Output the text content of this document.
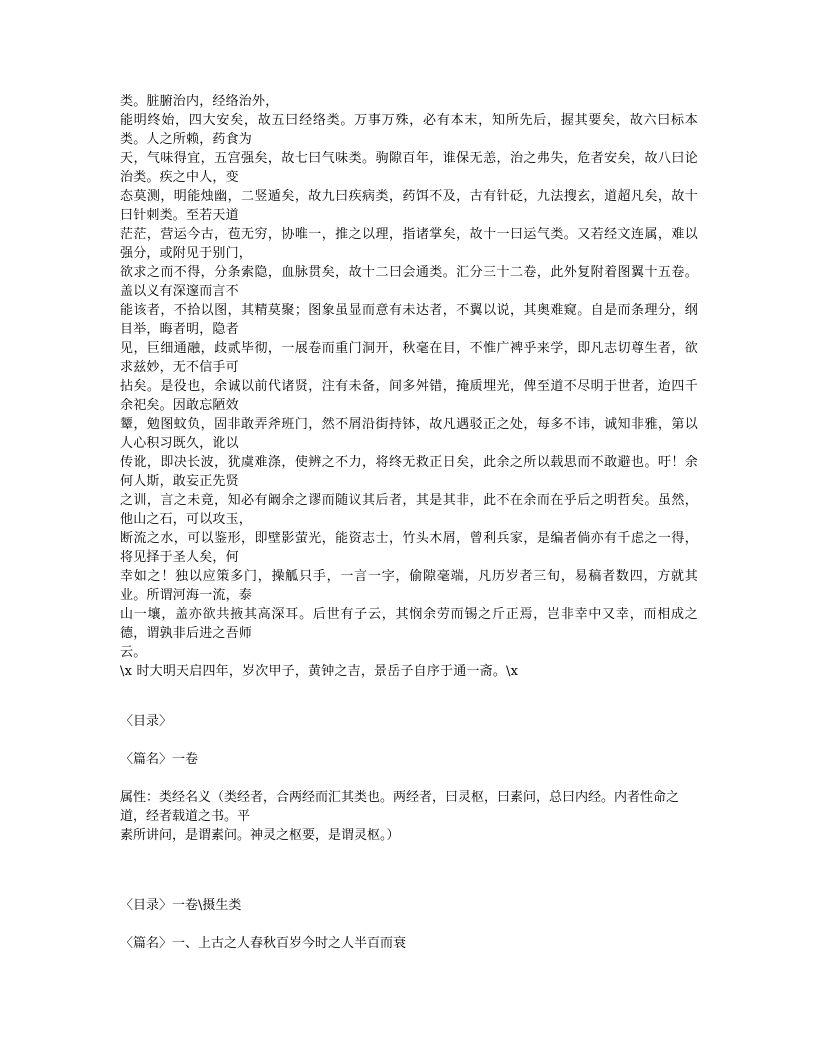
类。脏腑治内，经络治外，

能明终始，四大安矣，故五曰经络类。万事万殊，必有本末，知所先后，握其要矣，故六曰标本类。人之所赖，药食为

天，气味得宜，五宫强矣，故七曰气味类。驹隙百年，谁保无恙，治之弗失，危者安矣，故八曰论治类。疾之中人，变

态莫测，明能烛幽，二竖遁矣，故九曰疾病类，药饵不及，古有针砭，九法搜玄，道超凡矣，故十曰针刺类。至若天道

茫茫，营运今古，苞无穷，协唯一，推之以理，指诸掌矣，故十一曰运气类。又若经文连属，难以强分，或附见于别门，

欲求之而不得，分条索隐，血脉贯矣，故十二曰会通类。汇分三十二卷，此外复附着图翼十五卷。盖以义有深邃而言不

能该者，不拾以图，其精莫聚；图象虽显而意有未达者，不翼以说，其奥难窥。自是而条理分，纲目举，晦者明，隐者

见，巨细通融，歧贰毕彻，一展卷而重门洞开，秋毫在目，不惟广裨乎来学，即凡志切尊生者，欲求兹妙，无不信手可

拈矣。是役也，余诚以前代诸贤，注有未备，间多舛错，掩质埋光，俾至道不尽明于世者，迨四千余祀矣。因敢忘陋效

颦，勉图蚊负，固非敢弄斧班门，然不屑沿街持钵，故凡遇驳正之处，每多不讳，诚知非雅，第以人心积习既久，讹以

传讹，即决长波，犹虞难涤，使辨之不力，将终无救正日矣，此余之所以载思而不敢避也。吁！余何人斯，敢妄正先贤

之训，言之未竟，知必有阚余之谬而随议其后者，其是其非，此不在余而在乎后之明哲矣。虽然，他山之石，可以攻玉，

断流之水，可以鉴形，即壁影萤光，能资志士，竹头木屑，曾利兵家，是编者倘亦有千虑之一得，将见择于圣人矣，何

幸如之！独以应策多门，操觚只手，一言一字，偷隙毫端，凡历岁者三旬，易稿者数四，方就其业。所谓河海一流，泰

山一壤，盖亦欲共掖其高深耳。后世有子云，其悯余劳而锡之斤正焉，岂非幸中又幸，而相成之德，谓孰非后进之吾师

云。

\x 时大明天启四年，岁次甲子，黄钟之吉，景岳子自序于通一斋。\x

〈目录〉

〈篇名〉一卷

属性：类经名义（类经者，合两经而汇其类也。两经者，曰灵枢，曰素问，总曰内经。内者性命之道，经者载道之书。平

素所讲问，是谓素问。神灵之枢要，是谓灵枢。）

〈目录〉一卷\摄生类

〈篇名〉一、上古之人春秋百岁今时之人半百而衰
